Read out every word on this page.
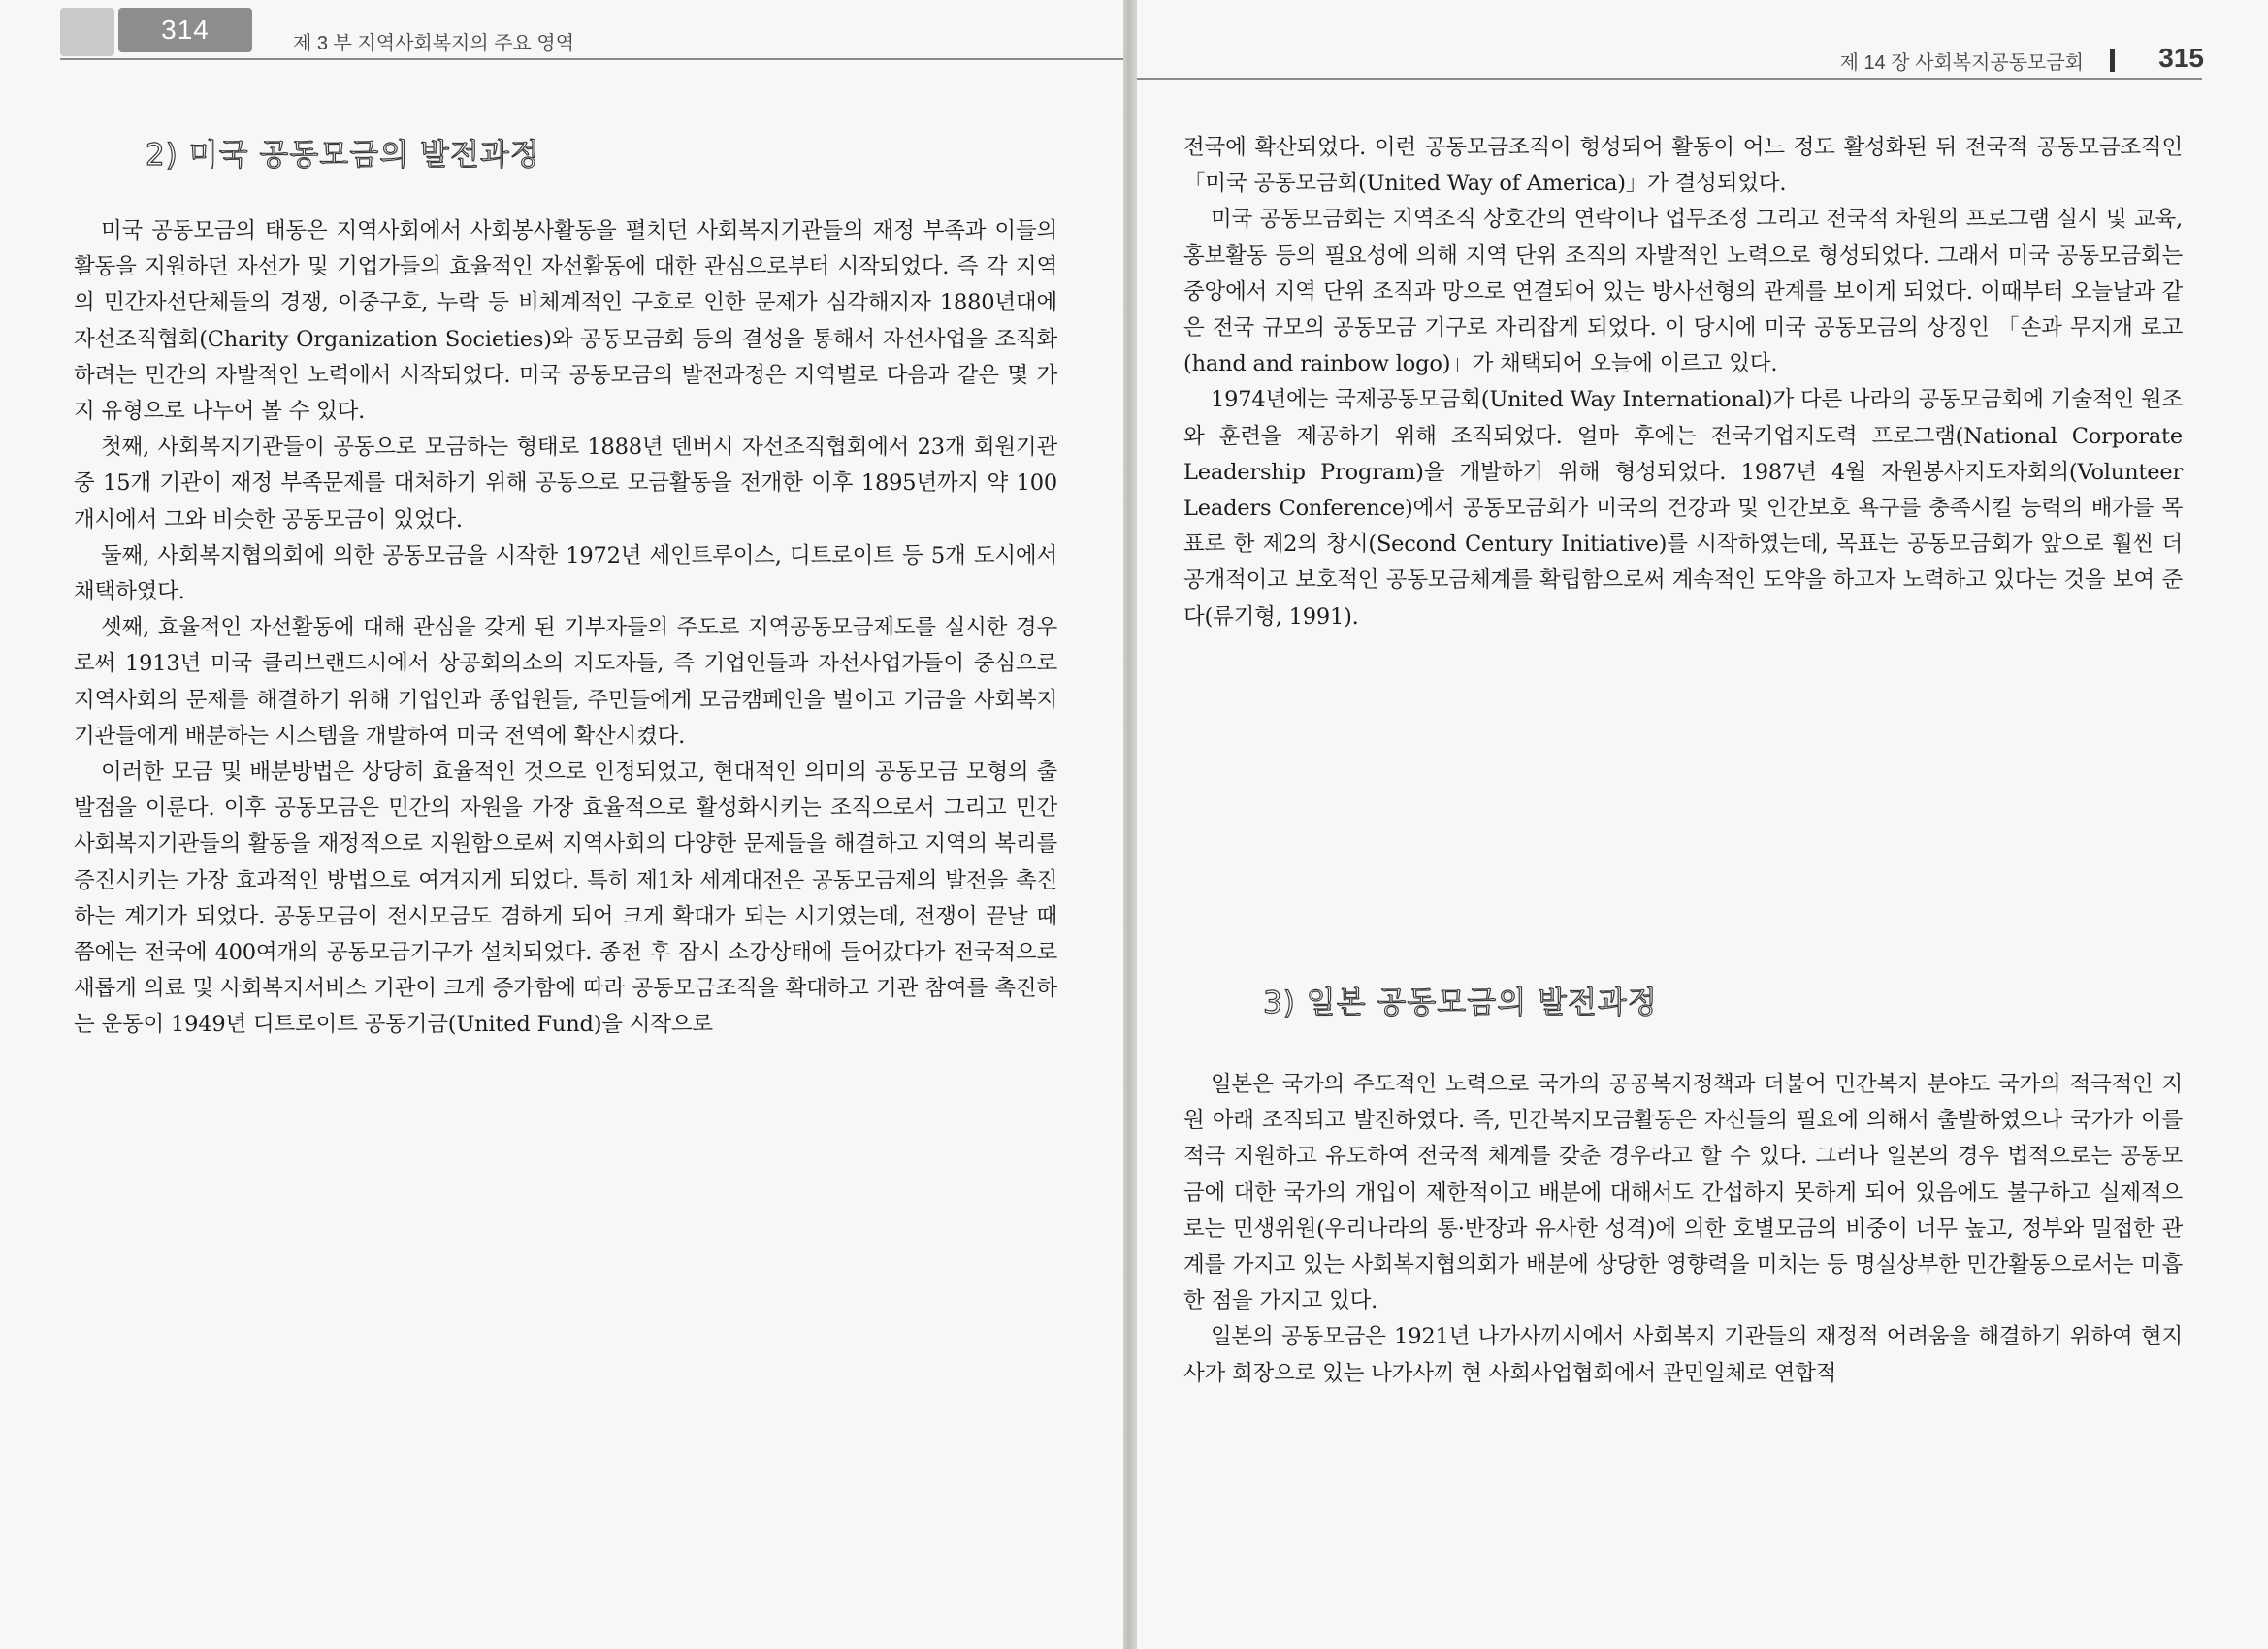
314	제 3 부 지역사회복지의 주요 영역
2) 미국 공동모금의 발전과정

미국 공동모금의 태동은 지역사회에서 사회봉사활동을 펼치던 사회복지기관들의 재정 부족과 이들의 활동을 지원하던 자선가 및 기업가들의 효율적인 자선활동에 대한 관심으로부터 시작되었다. 즉 각 지역의 민간자선단체들의 경쟁, 이중구호, 누락 등 비체계적인 구호로 인한 문제가 심각해지자 1880년대에 자선조직협회(Charity Organization Societies)와 공동모금회 등의 결성을 통해서 자선사업을 조직화하려는 민간의 자발적인 노력에서 시작되었다. 미국 공동모금의 발전과정은 지역별로 다음과 같은 몇 가지 유형으로 나누어 볼 수 있다.

첫째, 사회복지기관들이 공동으로 모금하는 형태로 1888년 덴버시 자선조직협회에서 23개 회원기관 중 15개 기관이 재정 부족문제를 대처하기 위해 공동으로 모금활동을 전개한 이후 1895년까지 약 100개시에서 그와 비슷한 공동모금이 있었다.

둘째, 사회복지협의회에 의한 공동모금을 시작한 1972년 세인트루이스, 디트로이트 등 5개 도시에서 채택하였다.

셋째, 효율적인 자선활동에 대해 관심을 갖게 된 기부자들의 주도로 지역공동모금제도를 실시한 경우로써 1913년 미국 클리브랜드시에서 상공회의소의 지도자들, 즉 기업인들과 자선사업가들이 중심으로 지역사회의 문제를 해결하기 위해 기업인과 종업원들, 주민들에게 모금캠페인을 벌이고 기금을 사회복지기관들에게 배분하는 시스템을 개발하여 미국 전역에 확산시켰다.

이러한 모금 및 배분방법은 상당히 효율적인 것으로 인정되었고, 현대적인 의미의 공동모금 모형의 출발점을 이룬다. 이후 공동모금은 민간의 자원을 가장 효율적으로 활성화시키는 조직으로서 그리고 민간 사회복지기관들의 활동을 재정적으로 지원함으로써 지역사회의 다양한 문제들을 해결하고 지역의 복리를 증진시키는 가장 효과적인 방법으로 여겨지게 되었다. 특히 제1차 세계대전은 공동모금제의 발전을 촉진하는 계기가 되었다. 공동모금이 전시모금도 겸하게 되어 크게 확대가 되는 시기였는데, 전쟁이 끝날 때 쯤에는 전국에 400여개의 공동모금기구가 설치되었다. 종전 후 잠시 소강상태에 들어갔다가 전국적으로 새롭게 의료 및 사회복지서비스 기관이 크게 증가함에 따라 공동모금조직을 확대하고 기관 참여를 촉진하는 운동이 1949년 디트로이트 공동기금(United Fund)을 시작으로

제 14 장 사회복지공동모금회	315

전국에 확산되었다. 이런 공동모금조직이 형성되어 활동이 어느 정도 활성화된 뒤 전국적 공동모금조직인 「미국 공동모금회(United Way of America)」가 결성되었다.

미국 공동모금회는 지역조직 상호간의 연락이나 업무조정 그리고 전국적 차원의 프로그램 실시 및 교육, 홍보활동 등의 필요성에 의해 지역 단위 조직의 자발적인 노력으로 형성되었다. 그래서 미국 공동모금회는 중앙에서 지역 단위 조직과 망으로 연결되어 있는 방사선형의 관계를 보이게 되었다. 이때부터 오늘날과 같은 전국 규모의 공동모금 기구로 자리잡게 되었다. 이 당시에 미국 공동모금의 상징인 「손과 무지개 로고(hand and rainbow logo)」가 채택되어 오늘에 이르고 있다.

1974년에는 국제공동모금회(United Way International)가 다른 나라의 공동모금회에 기술적인 원조와 훈련을 제공하기 위해 조직되었다. 얼마 후에는 전국기업지도력 프로그램(National Corporate Leadership Program)을 개발하기 위해 형성되었다. 1987년 4월 자원봉사지도자회의(Volunteer Leaders Conference)에서 공동모금회가 미국의 건강과 및 인간보호 욕구를 충족시킬 능력의 배가를 목표로 한 제2의 창시(Second Century Initiative)를 시작하였는데, 목표는 공동모금회가 앞으로 훨씬 더 공개적이고 보호적인 공동모금체계를 확립함으로써 계속적인 도약을 하고자 노력하고 있다는 것을 보여 준다(류기형, 1991).

3) 일본 공동모금의 발전과정

일본은 국가의 주도적인 노력으로 국가의 공공복지정책과 더불어 민간복지 분야도 국가의 적극적인 지원 아래 조직되고 발전하였다. 즉, 민간복지모금활동은 자신들의 필요에 의해서 출발하였으나 국가가 이를 적극 지원하고 유도하여 전국적 체계를 갖춘 경우라고 할 수 있다. 그러나 일본의 경우 법적으로는 공동모금에 대한 국가의 개입이 제한적이고 배분에 대해서도 간섭하지 못하게 되어 있음에도 불구하고 실제적으로는 민생위원(우리나라의 통·반장과 유사한 성격)에 의한 호별모금의 비중이 너무 높고, 정부와 밀접한 관계를 가지고 있는 사회복지협의회가 배분에 상당한 영향력을 미치는 등 명실상부한 민간활동으로서는 미흡한 점을 가지고 있다.

일본의 공동모금은 1921년 나가사끼시에서 사회복지 기관들의 재정적 어려움을 해결하기 위하여 현지사가 회장으로 있는 나가사끼 현 사회사업협회에서 관민일체로 연합적
